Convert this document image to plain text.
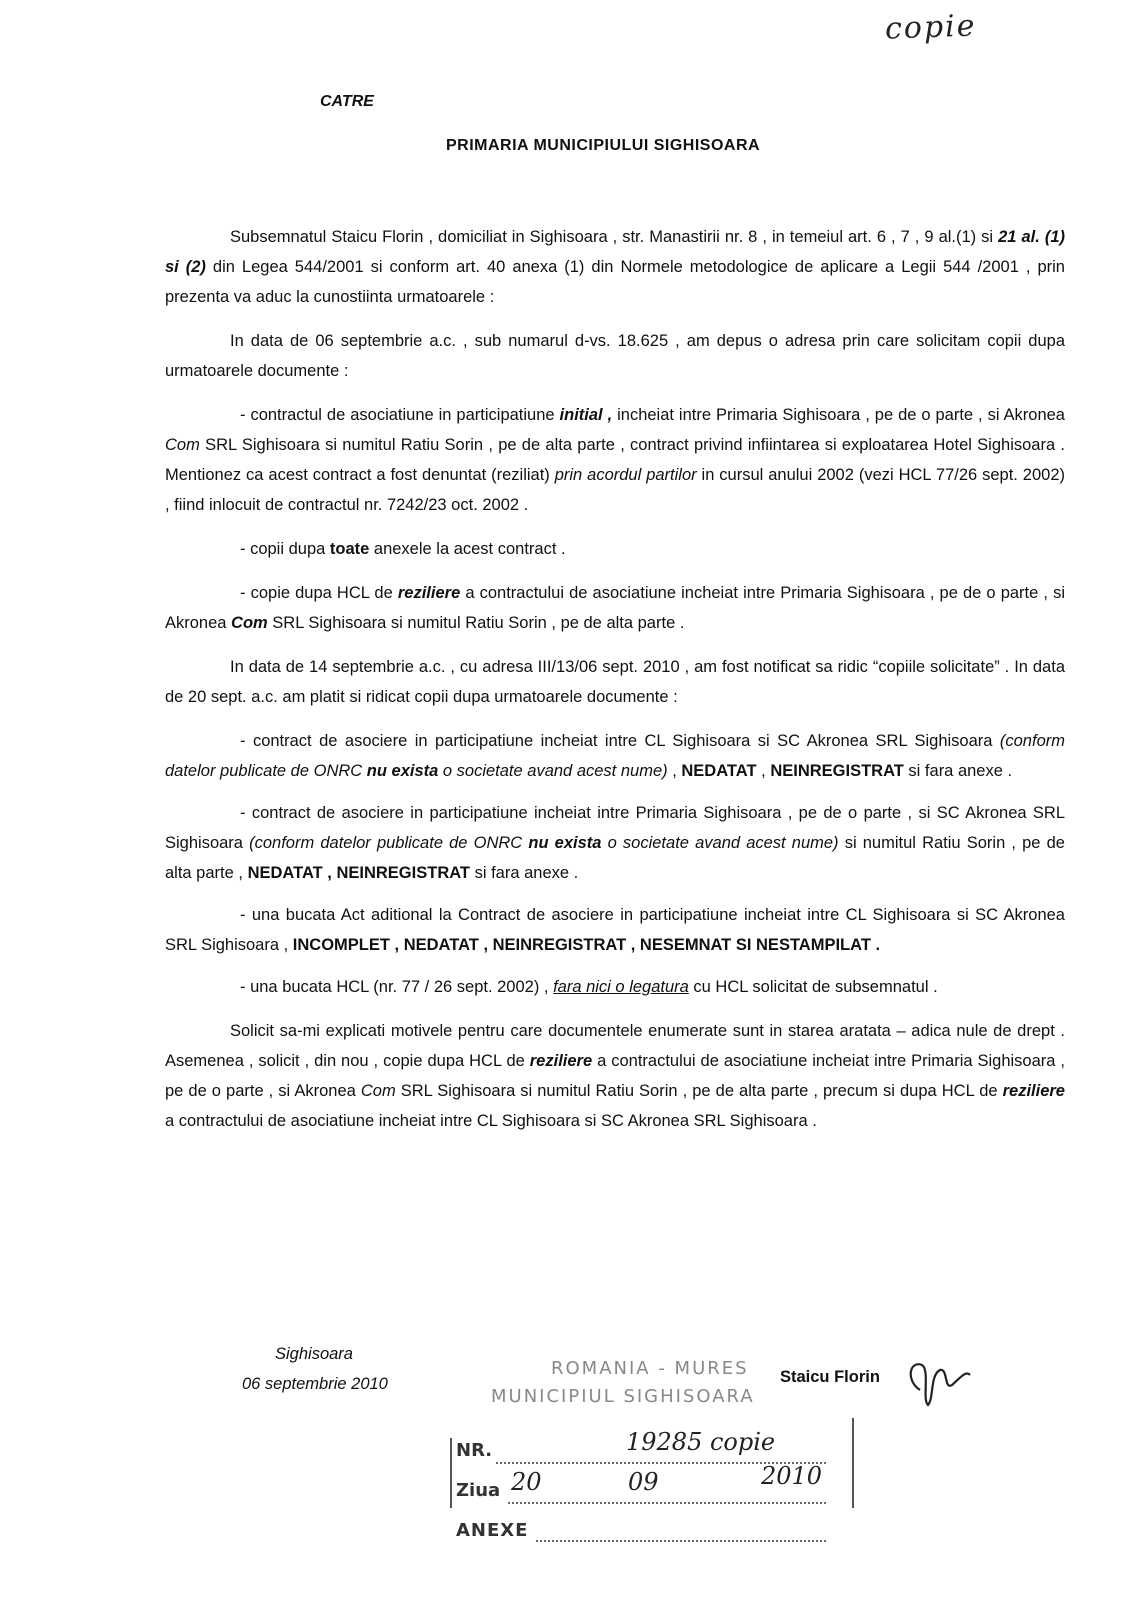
copie
CATRE
PRIMARIA MUNICIPIULUI SIGHISOARA

Subsemnatul Staicu Florin , domiciliat in Sighisoara , str. Manastirii nr. 8 , in temeiul art. 6 , 7 , 9 al.(1) si 21 al. (1) si (2) din Legea 544/2001 si conform art. 40 anexa (1) din Normele metodologice de aplicare a Legii 544 /2001 , prin prezenta va aduc la cunostiinta urmatoarele :

In data de 06 septembrie a.c. , sub numarul d-vs. 18.625 , am depus o adresa prin care solicitam copii dupa urmatoarele documente :

- contractul de asociatiune in participatiune initial , incheiat intre Primaria Sighisoara , pe de o parte , si Akronea Com SRL Sighisoara si numitul Ratiu Sorin , pe de alta parte , contract privind infiintarea si exploatarea Hotel Sighisoara . Mentionez ca acest contract a fost denuntat (reziliat) prin acordul partilor in cursul anului 2002 (vezi HCL 77/26 sept. 2002) , fiind inlocuit de contractul nr. 7242/23 oct. 2002 .

- copii dupa toate anexele la acest contract .

- copie dupa HCL de reziliere a contractului de asociatiune incheiat intre Primaria Sighisoara , pe de o parte , si Akronea Com SRL Sighisoara si numitul Ratiu Sorin , pe de alta parte .

In data de 14 septembrie a.c. , cu adresa III/13/06 sept. 2010 , am fost notificat sa ridic “copiile solicitate” . In data de 20 sept. a.c. am platit si ridicat copii dupa urmatoarele documente :

- contract de asociere in participatiune incheiat intre CL Sighisoara si SC Akronea SRL Sighisoara (conform datelor publicate de ONRC nu exista o societate avand acest nume) , NEDATAT , NEINREGISTRAT si fara anexe .

- contract de asociere in participatiune incheiat intre Primaria Sighisoara , pe de o parte , si SC Akronea SRL Sighisoara (conform datelor publicate de ONRC nu exista o societate avand acest nume) si numitul Ratiu Sorin , pe de alta parte , NEDATAT , NEINREGISTRAT si fara anexe .

- una bucata Act aditional la Contract de asociere in participatiune incheiat intre CL Sighisoara si SC Akronea SRL Sighisoara , INCOMPLET , NEDATAT , NEINREGISTRAT , NESEMNAT SI NESTAMPILAT .

- una bucata HCL (nr. 77 / 26 sept. 2002) , fara nici o legatura cu HCL solicitat de subsemnatul .

Solicit sa-mi explicati motivele pentru care documentele enumerate sunt in starea aratata – adica nule de drept . Asemenea , solicit , din nou , copie dupa HCL de reziliere a contractului de asociatiune incheiat intre Primaria Sighisoara , pe de o parte , si Akronea Com SRL Sighisoara si numitul Ratiu Sorin , pe de alta parte , precum si dupa HCL de reziliere a contractului de asociatiune incheiat intre CL Sighisoara si SC Akronea SRL Sighisoara .

Sighisoara
06 septembrie 2010	Staicu Florin
ROMANIA - MURES
MUNICIPIUL SIGHISOARA
NR.	19285 copie
Ziua 20	09	2010
ANEXE
